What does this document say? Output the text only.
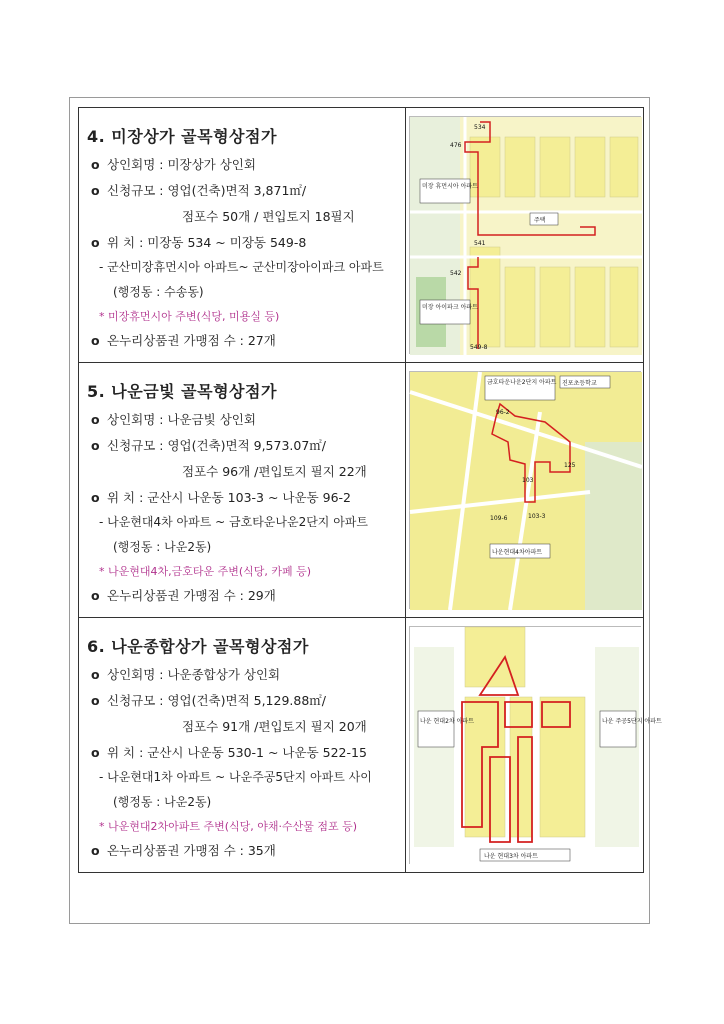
4. 미장상가 골목형상점가
o 상인회명 : 미장상가 상인회
o 신청규모 : 영업(건축)면적 3,871㎡/
점포수 50개 / 편입토지 18필지
o 위 치 : 미장동 534 ~ 미장동 549-8
- 군산미장휴먼시아 아파트~ 군산미장아이파크 아파트
(행정동 : 수송동)
* 미장휴먼시아 주변(식당, 미용실 등)
o 온누리상품권 가맹점 수 : 27개
534
476
미장 휴먼시아 아파트
주택
541
542
미장 아이파크 아파트
549-8
5. 나운금빛 골목형상점가
o 상인회명 : 나운금빛 상인회
o 신청규모 : 영업(건축)면적 9,573.07㎡/
점포수 96개 /편입토지 필지 22개
o 위 치 : 군산시 나운동 103-3 ~ 나운동 96-2
- 나운현대4차 아파트 ~ 금호타운나운2단지 아파트
(행정동 : 나운2동)
* 나운현대4차,금호타운 주변(식당, 카페 등)
o 온누리상품권 가맹점 수 : 29개
금호타운나운2단지 아파트 진포초등학교
96-2
125
103
109-6	103-3
나운현대4차아파트
6. 나운종합상가 골목형상점가
o 상인회명 : 나운종합상가 상인회
o 신청규모 : 영업(건축)면적 5,129.88㎡/
점포수 91개 /편입토지 필지 20개
o 위 치 : 군산시 나운동 530-1 ~ 나운동 522-15
- 나운현대1차 아파트 ~ 나운주공5단지 아파트 사이
(행정동 : 나운2동)
* 나운현대2차아파트 주변(식당, 야채·수산물 점포 등)
o 온누리상품권 가맹점 수 : 35개
나운 현대2차 아파트	나운 주공5단지 아파트
나운 현대3차 아파트
